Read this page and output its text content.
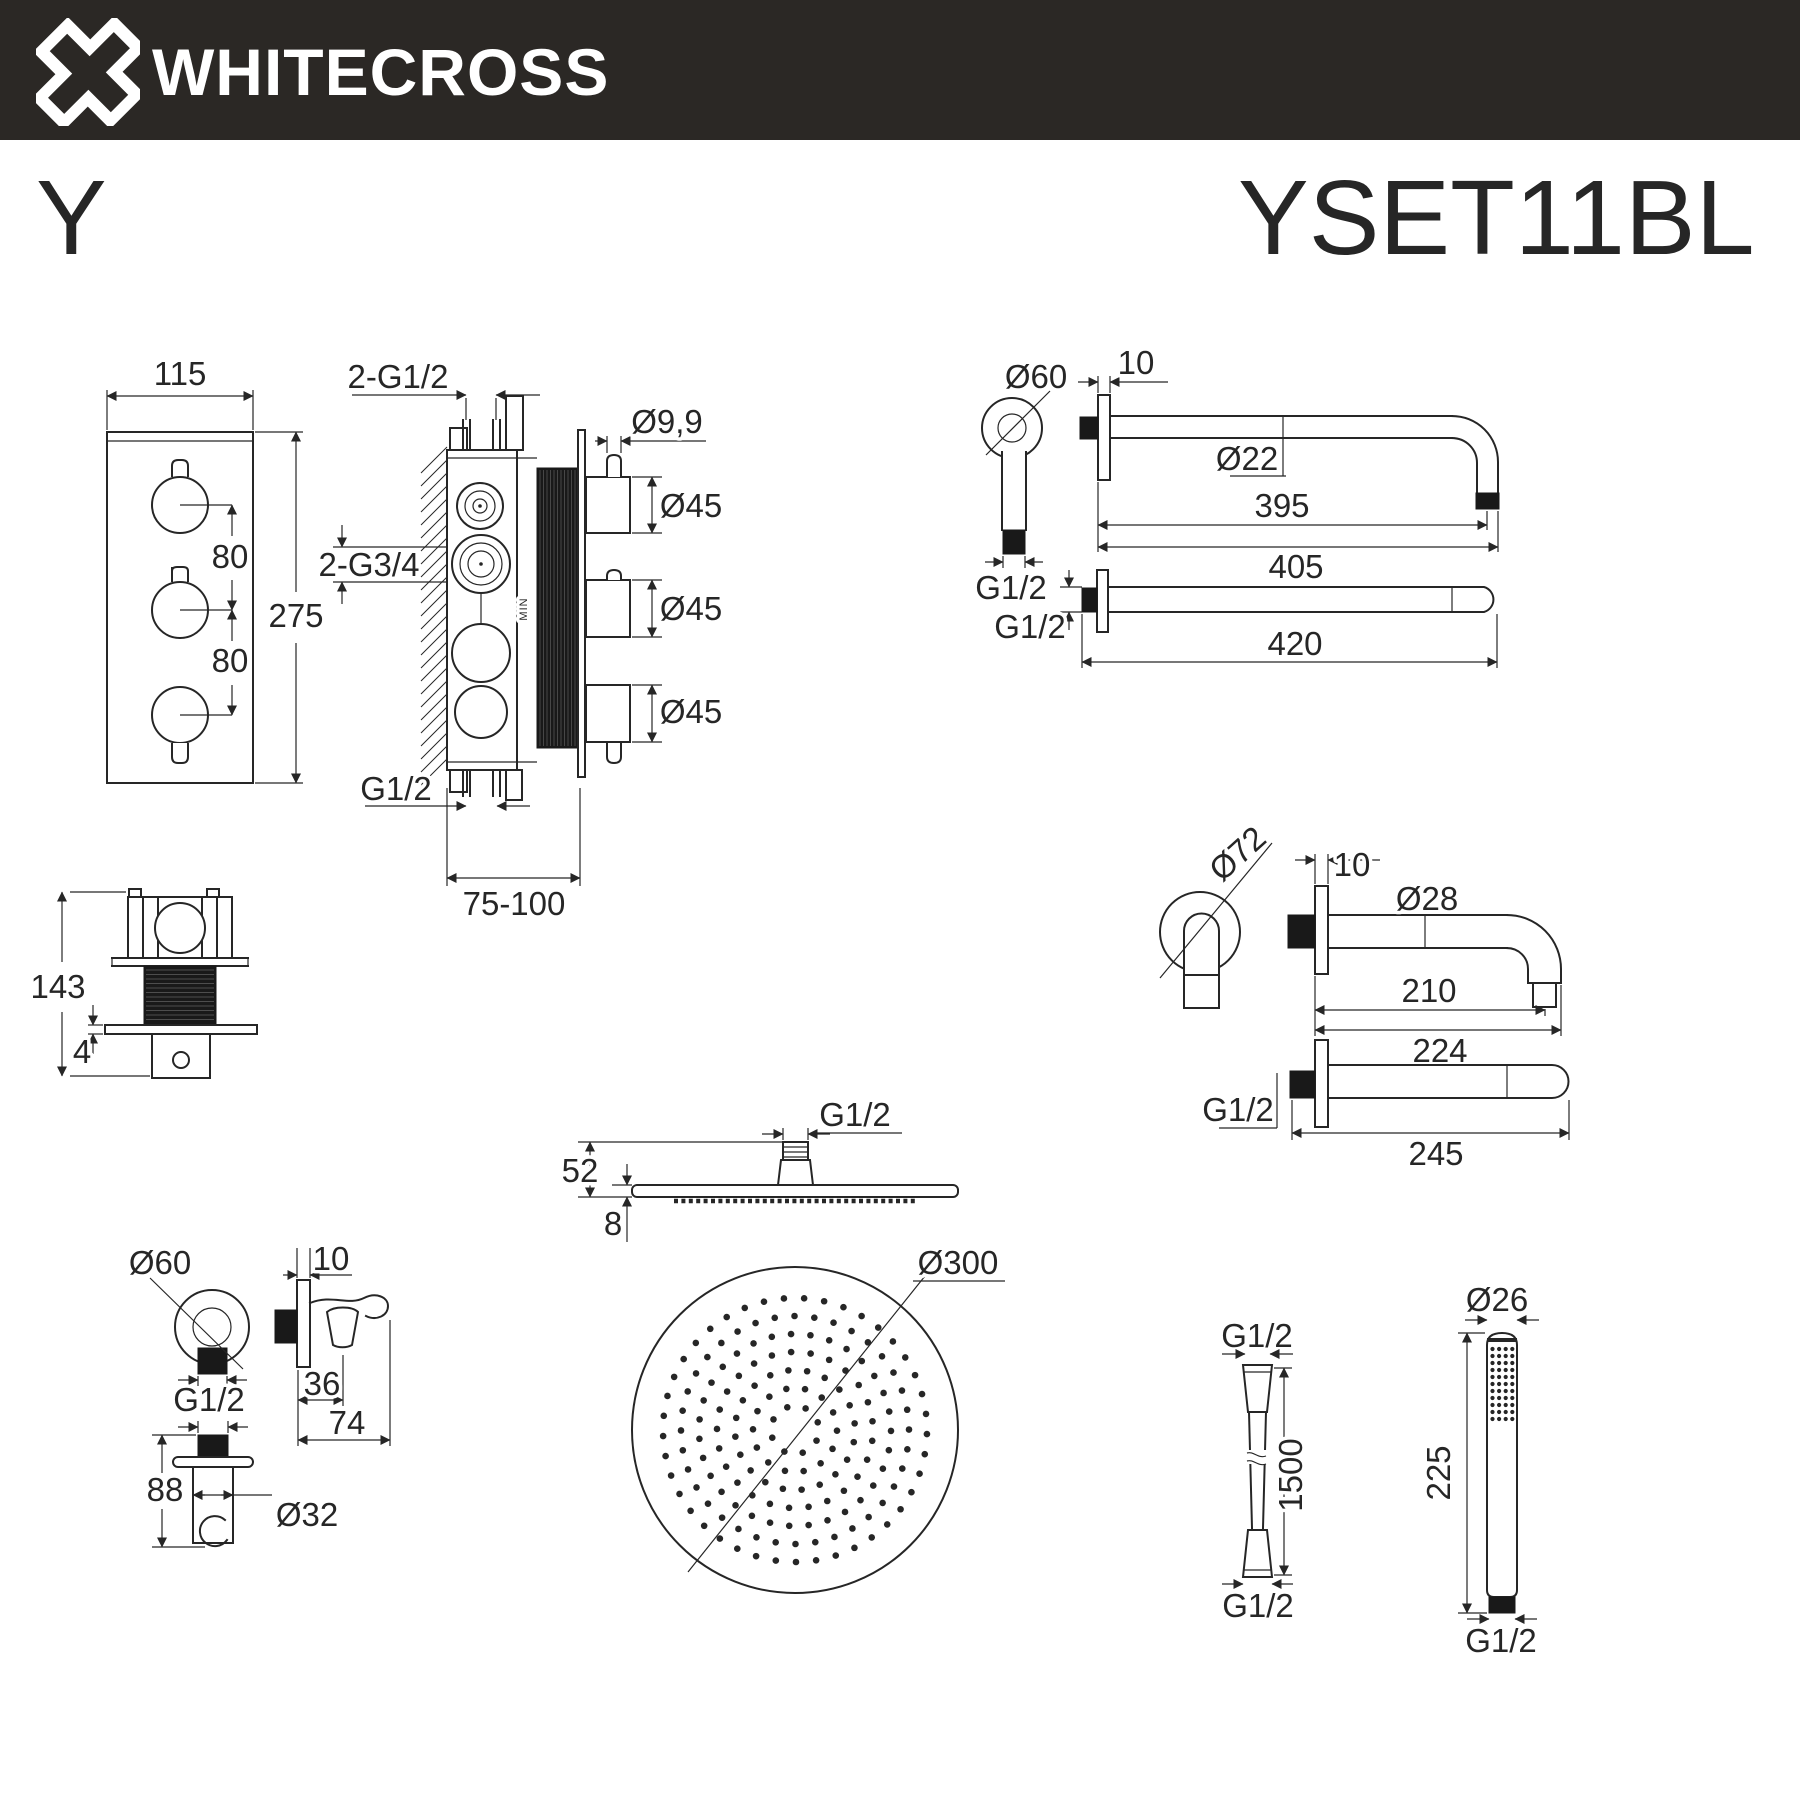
WHITECROSS
Y	YSET11BL
115
275
80
80
MIN
2-G1/2
2-G3/4
Ø9,9
Ø45
Ø45
Ø45
G1/2
75-100
143
4
Ø60
G1/2
10
Ø22
395
405
G1/2	420
Ø72 10
Ø28
210
224
G1/2
245
G1/2
52
8
Ø300
Ø60
G1/2
10
36
74
88
Ø32
G1/2
G1/2
1500
Ø26
225
G1/2
